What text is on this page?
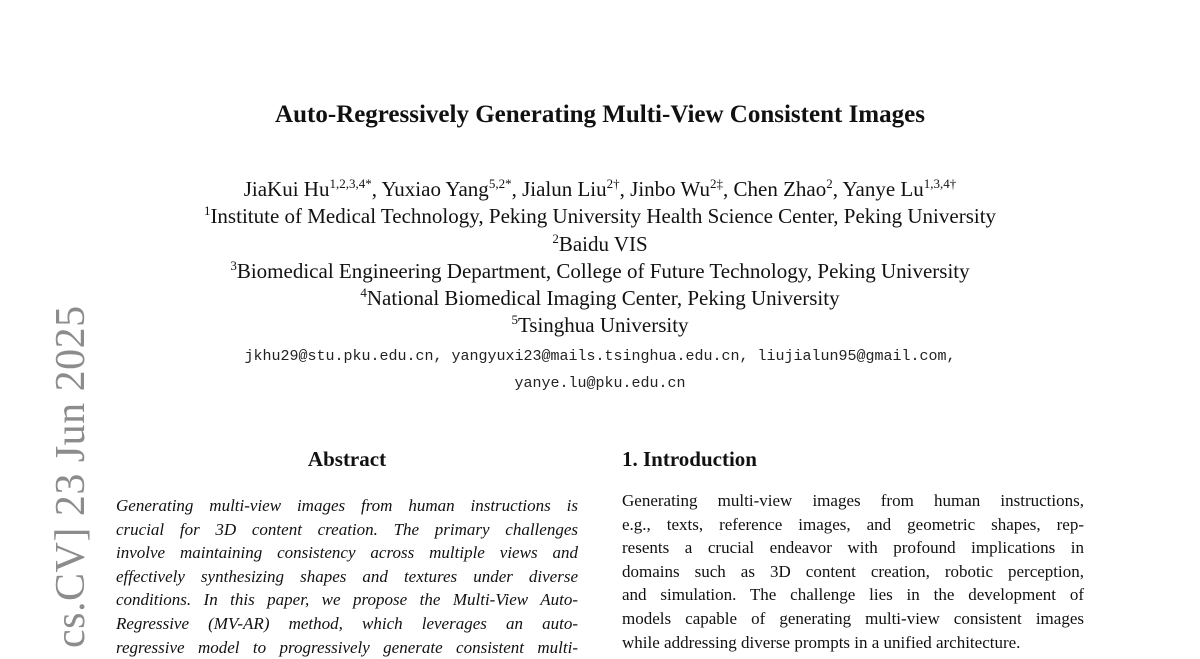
cs.CV] 23 Jun 2025
Auto-Regressively Generating Multi-View Consistent Images
JiaKui $Hu^{1,2,3,4*}$, Yuxiao Yang$^{5,2*}$, Jialun Liu$^{2\dagger}$, Jinbo $Wu^{2\ddagger}$, Chen Zhao$^2$, Yanye $Lu^{1,3,4\dagger}$
$^1$Institute of Medical Technology, Peking University Health Science Center, Peking University
$^2$Baidu VIS
$^3$Biomedical Engineering Department, College of Future Technology, Peking University
$^4$National Biomedical Imaging Center, Peking University
$^5$Tsinghua University
jkhu29@stu.pku.edu.cn, yangyuxi23@mails.tsinghua.edu.cn, liujialun95@gmail.com,
yanye.lu@pku.edu.cn
Abstract
Generating multi-view images from human instructions is
crucial for 3D content creation. The primary challenges
involve maintaining consistency across multiple views and
effectively synthesizing shapes and textures under diverse
conditions. In this paper, we propose the Multi-View Auto-
Regressive (MV-AR) method, which leverages an auto-
regressive model to progressively generate consistent multi-
1. Introduction
Generating multi-view images from human instructions,
e.g., texts, reference images, and geometric shapes, rep-
resents a crucial endeavor with profound implications in
domains such as 3D content creation, robotic perception,
and simulation. The challenge lies in the development of
models capable of generating multi-view consistent images
while addressing diverse prompts in a unified architecture.
